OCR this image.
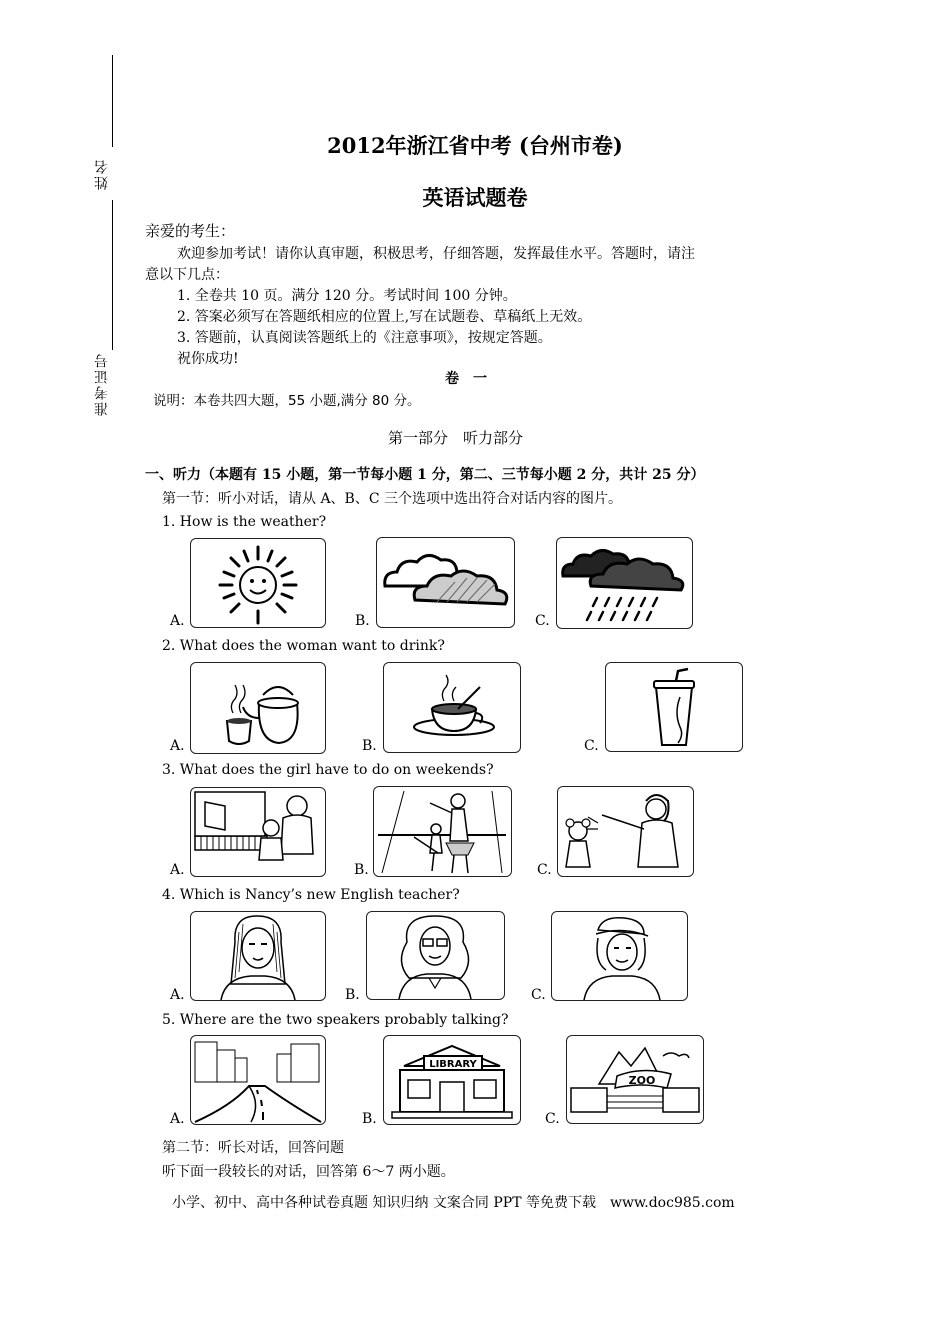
姓名
准考证号
2012年浙江省中考 (台州市卷)
英语试题卷
亲爱的考生：
欢迎参加考试！请你认真审题，积极思考，仔细答题，发挥最佳水平。答题时，请注
意以下几点：
1. 全卷共 10 页。满分 120 分。考试时间 100 分钟。
2. 答案必须写在答题纸相应的位置上,写在试题卷、草稿纸上无效。
3. 答题前，认真阅读答题纸上的《注意事项》，按规定答题。
祝你成功!
卷　一
说明：本卷共四大题，55 小题,满分 80 分。
第一部分　听力部分
一、听力（本题有 15 小题，第一节每小题 1 分，第二、三节每小题 2 分，共计 25 分）
第一节：听小对话，请从 A、B、C 三个选项中选出符合对话内容的图片。
1. How is the weather?
A.	B.	C.
2. What does the woman want to drink?
A.	B.	C.
3. What does the girl have to do on weekends?
A.	B.	C.
4. Which is Nancy’s new English teacher?
A.	B.	C.
5. Where are the two speakers probably talking?
A.	B.
LIBRARY
C.
ZOO
第二节：听长对话，回答问题
听下面一段较长的对话，回答第 6～7 两小题。
小学、初中、高中各种试卷真题 知识归纳 文案合同 PPT 等免费下载　www.doc985.com
